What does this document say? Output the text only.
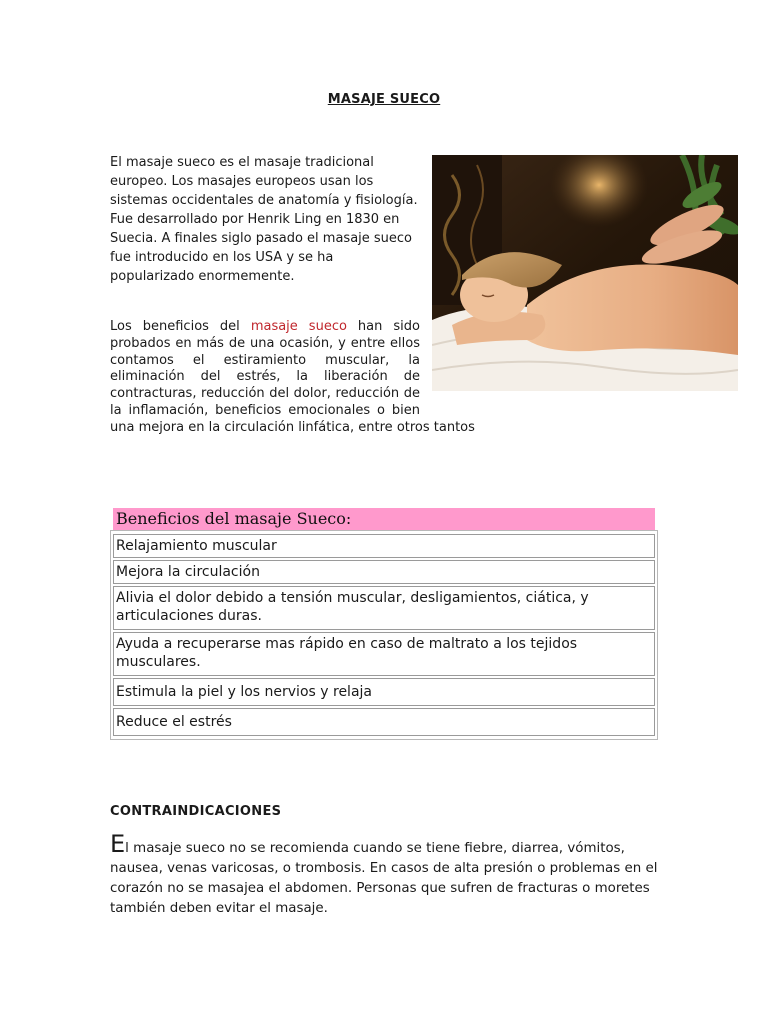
MASAJE SUECO

El masaje sueco es el masaje tradicional europeo. Los masajes europeos usan los sistemas occidentales de anatomía y fisiología. Fue desarrollado por Henrik Ling en 1830 en Suecia. A finales siglo pasado el masaje sueco fue introducido en los USA y se ha popularizado enormemente.

Los beneficios del masaje sueco han sido probados en más de una ocasión, y entre ellos contamos el estiramiento muscular, la eliminación del estrés, la liberación de contracturas, reducción del dolor, reducción de la inflamación, beneficios emocionales o bien una mejora en la circulación linfática, entre otros tantos

Beneficios del masaje Sueco:
Relajamiento muscular
Mejora la circulación
Alivia el dolor debido a tensión muscular, desligamientos, ciática, y articulaciones duras.
Ayuda a recuperarse mas rápido en caso de maltrato a los tejidos musculares.
Estimula la piel y los nervios y relaja
Reduce el estrés
CONTRAINDICACIONES

El masaje sueco no se recomienda cuando se tiene fiebre, diarrea, vómitos, nausea, venas varicosas, o trombosis. En casos de alta presión o problemas en el corazón no se masajea el abdomen. Personas que sufren de fracturas o moretes también deben evitar el masaje.
